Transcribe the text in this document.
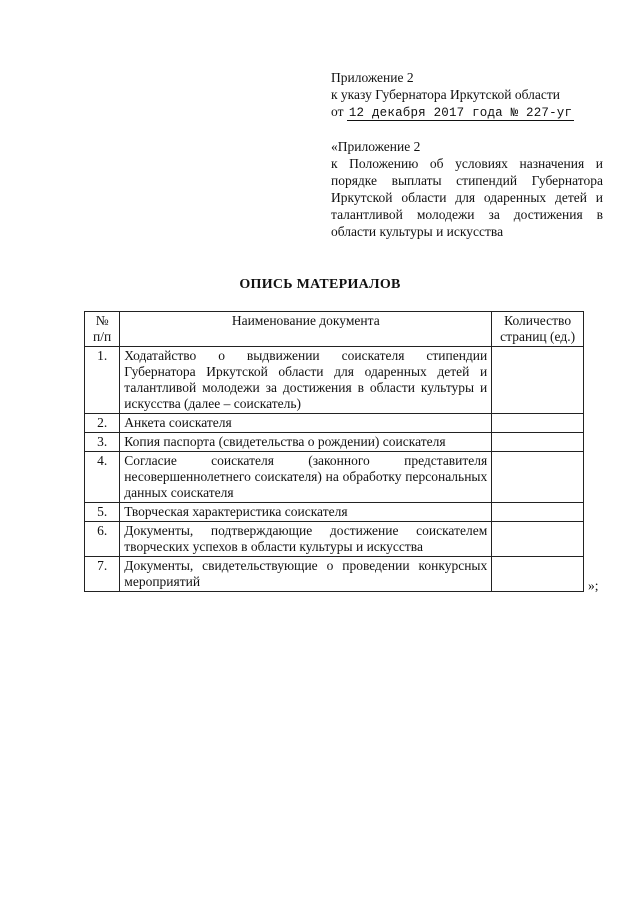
Приложение 2
к указу Губернатора Иркутской области
от 12 декабря 2017 года № 227-уг
«Приложение 2
к Положению об условиях назначения и порядке выплаты стипендий Губернатора Иркутской области для одаренных детей и талантливой молодежи за достижения в области культуры и искусства
ОПИСЬ МАТЕРИАЛОВ
№ п/п	Наименование документа	Количество страниц (ед.)
1.	Ходатайство о выдвижении соискателя стипендии Губернатора Иркутской области для одаренных детей и талантливой молодежи за достижения в области культуры и искусства (далее – соискатель)	
2.	Анкета соискателя	
3.	Копия паспорта (свидетельства о рождении) соискателя	
4.	Согласие соискателя (законного представителя несовершеннолетнего соискателя) на обработку персональных данных соискателя	
5.	Творческая характеристика соискателя	
6.	Документы, подтверждающие достижение соискателем творческих успехов в области культуры и искусства	
7.	Документы, свидетельствующие о проведении конкурсных мероприятий		»;
